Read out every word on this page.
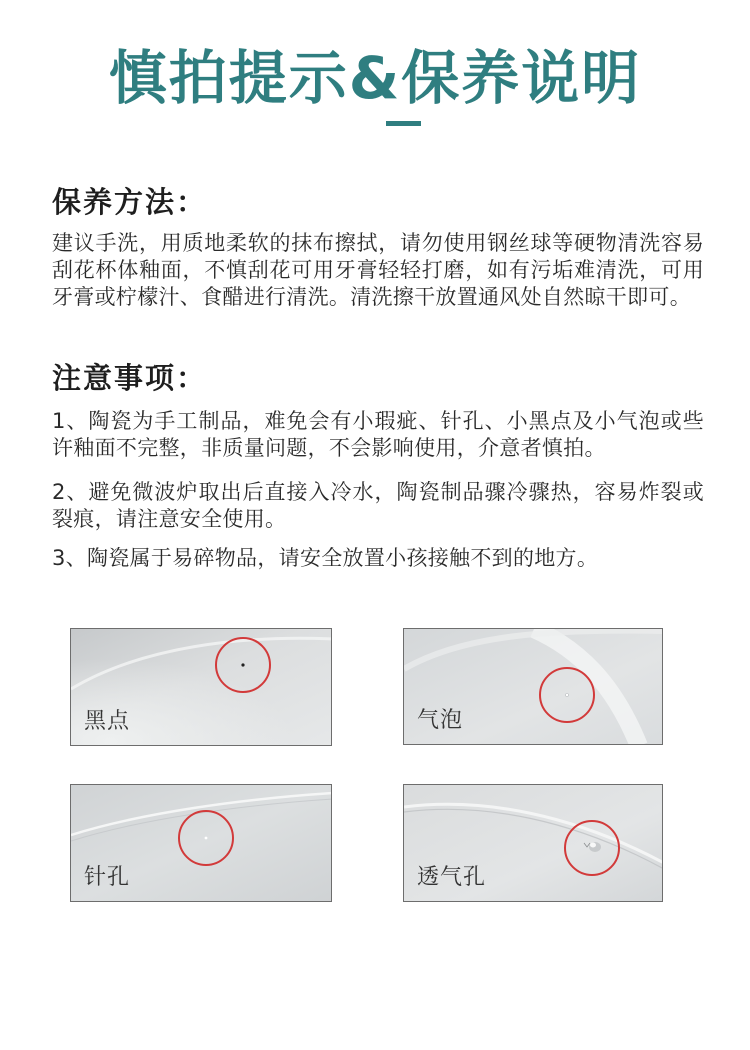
慎拍提示&保养说明
保养方法：
建议手洗，用质地柔软的抹布擦拭，请勿使用钢丝球等硬物清洗容易刮花杯体釉面，不慎刮花可用牙膏轻轻打磨，如有污垢难清洗，可用牙膏或柠檬汁、食醋进行清洗。清洗擦干放置通风处自然晾干即可。
注意事项：
1、陶瓷为手工制品，难免会有小瑕疵、针孔、小黑点及小气泡或些许釉面不完整，非质量问题，不会影响使用，介意者慎拍。
2、避免微波炉取出后直接入冷水，陶瓷制品骤冷骤热，容易炸裂或裂痕，请注意安全使用。
3、陶瓷属于易碎物品，请安全放置小孩接触不到的地方。
黑点	气泡
针孔	透气孔
